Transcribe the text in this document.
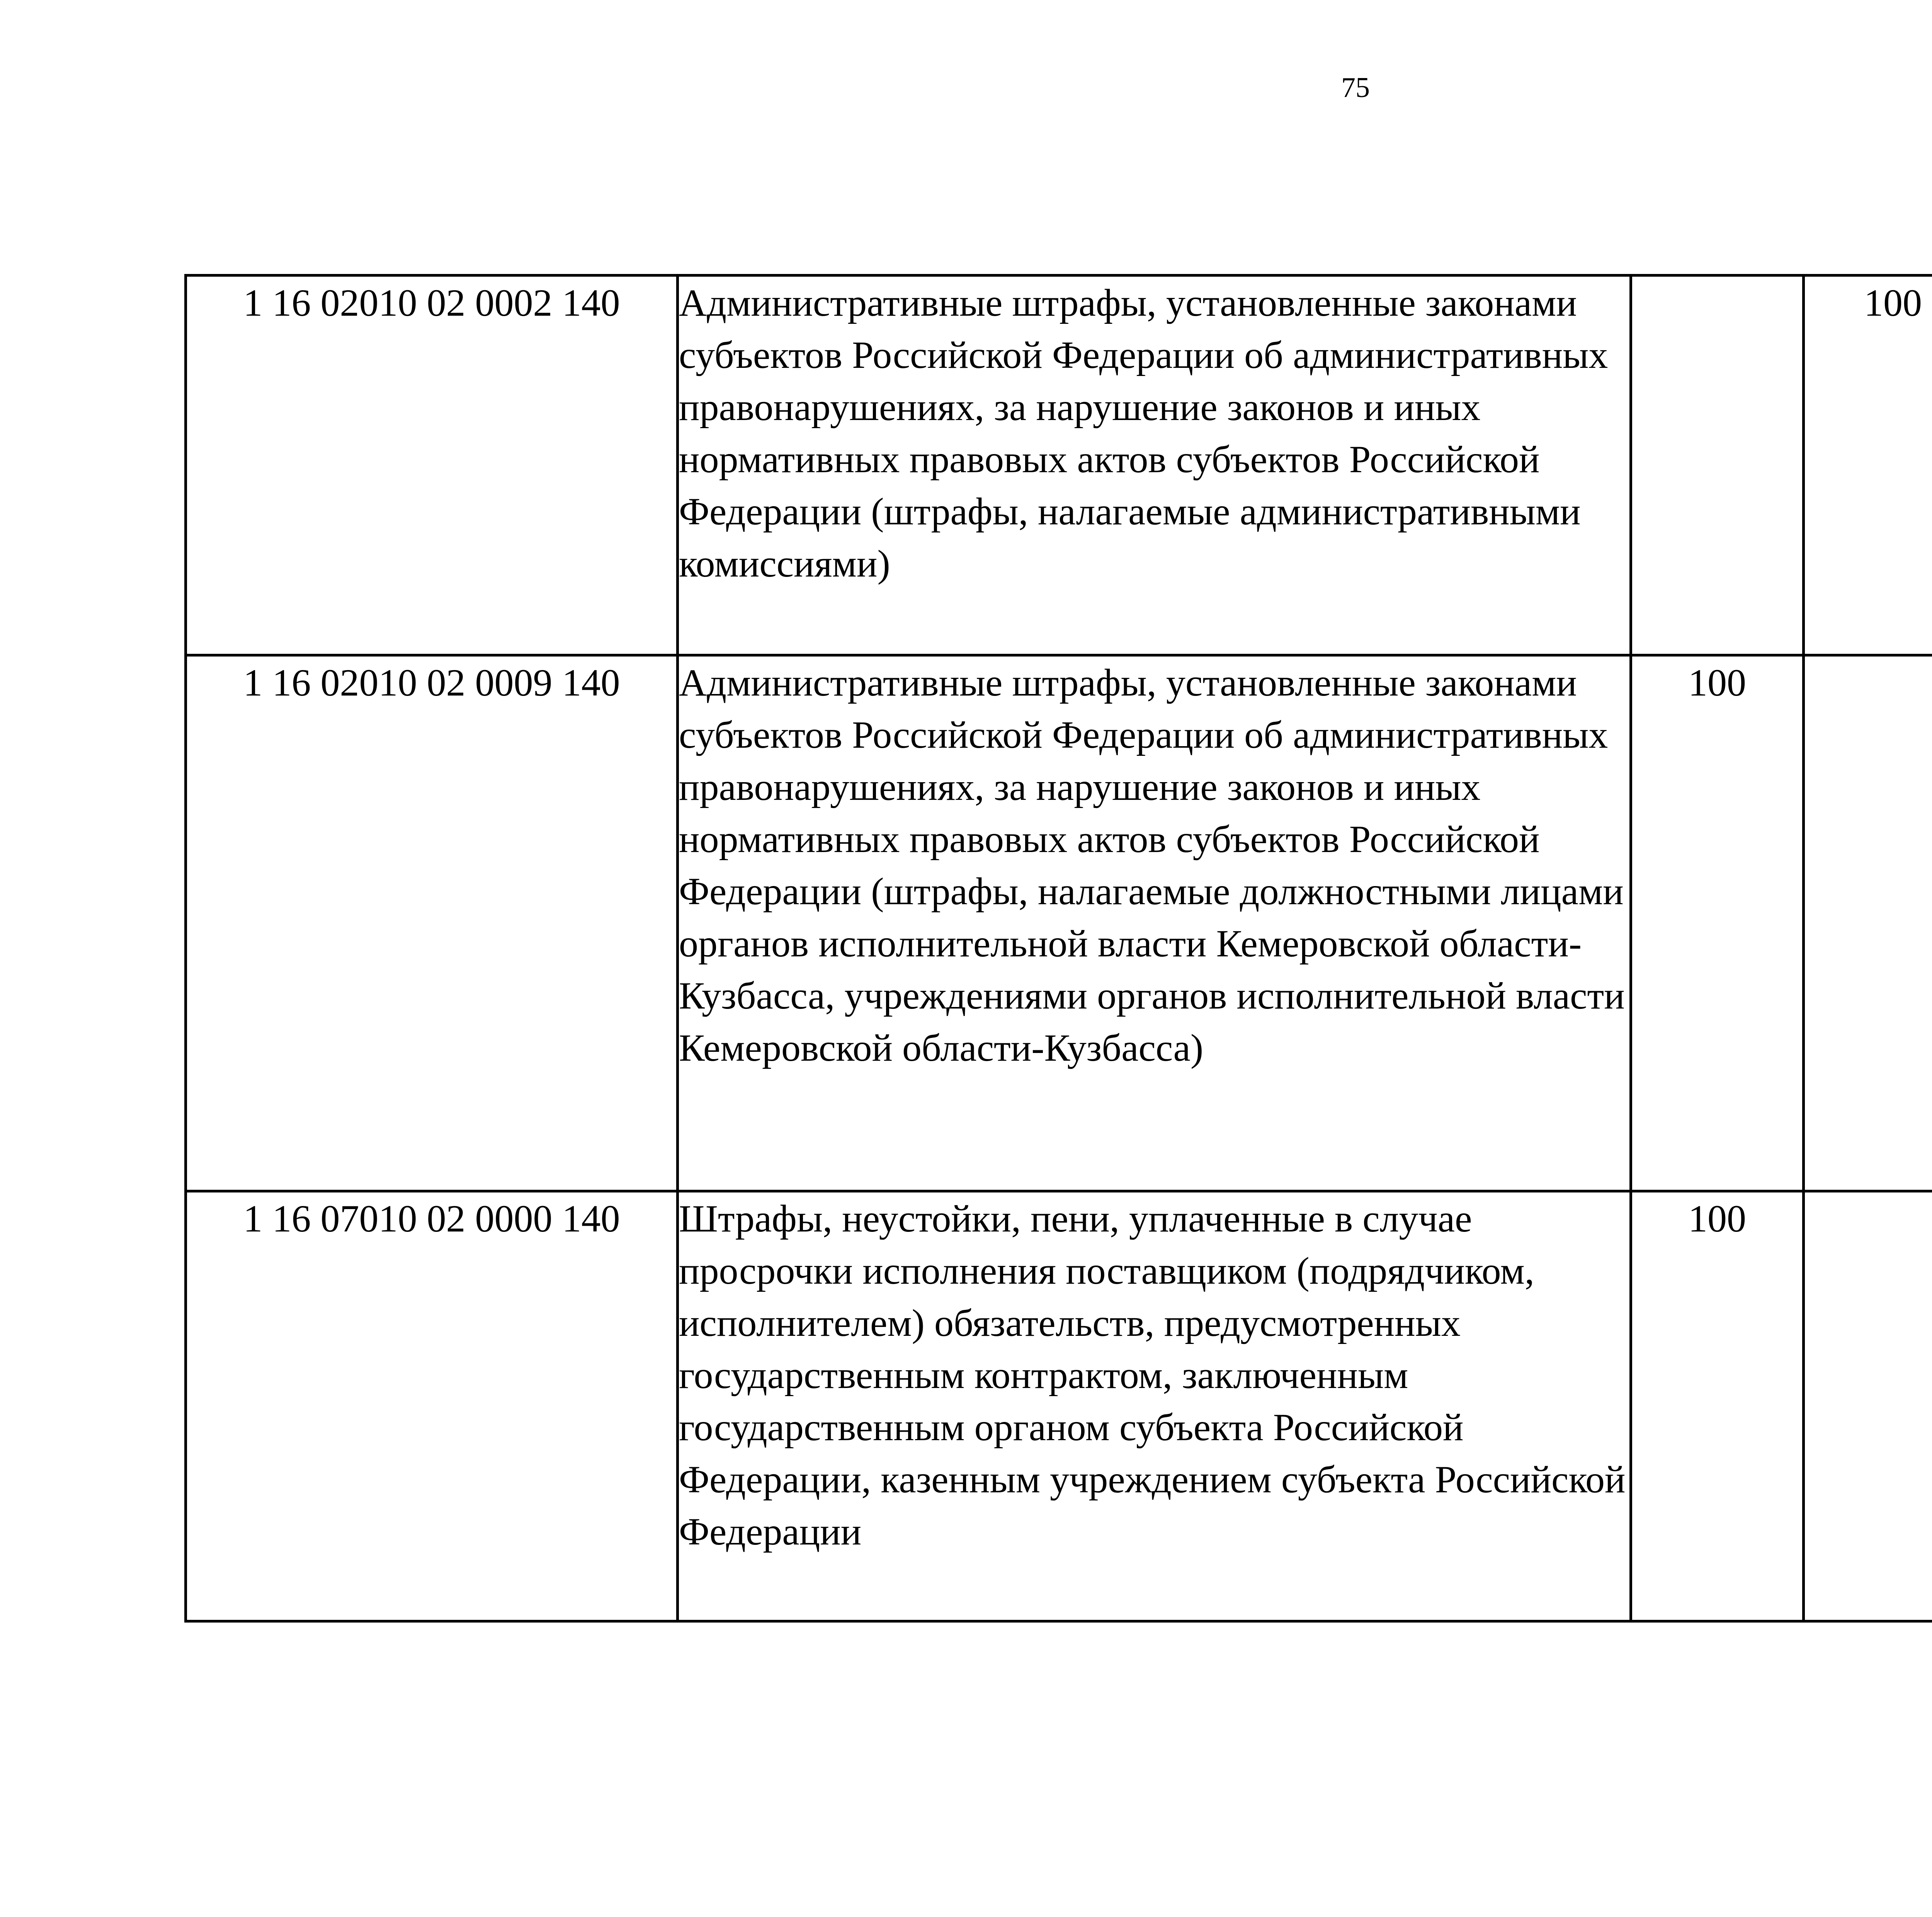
75
1 16 02010 02 0002 140	Административные штрафы, установленные законами субъектов Российской Федерации об административных правонарушениях, за нарушение законов и иных нормативных правовых актов субъектов Российской Федерации (штрафы, налагаемые административными комиссиями)		100			
1 16 02010 02 0009 140	Административные штрафы, установленные законами субъектов Российской Федерации об административных правонарушениях, за нарушение законов и иных нормативных правовых актов субъектов Российской Федерации (штрафы, налагаемые должностными лицами органов исполнительной власти Кемеровской области-Кузбасса, учреждениями органов исполнительной власти Кемеровской области-Кузбасса)	100				
1 16 07010 02 0000 140	Штрафы, неустойки, пени, уплаченные в случае просрочки исполнения поставщиком (подрядчиком, исполнителем) обязательств, предусмотренных государственным контрактом, заключенным государственным органом субъекта Российской Федерации, казенным учреждением субъекта Российской Федерации	100				
